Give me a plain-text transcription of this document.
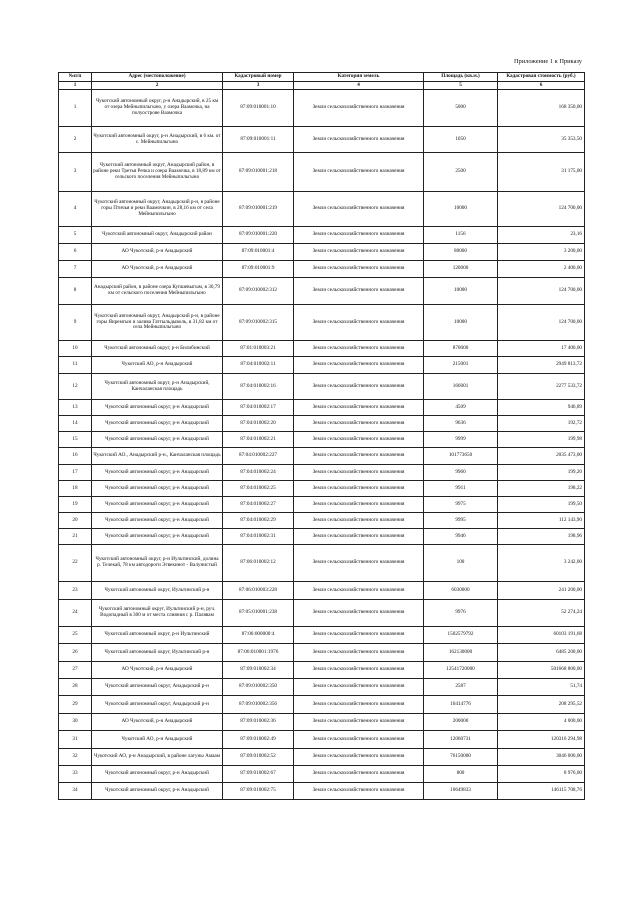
Приложение 1 к Приказу
№п/п	Адрес (местоположение)	Кадастровый номер	Категория земель	Площадь (кв.м.)	Кадастровая стоимость (руб.)
1	2	3	4	5	6
1	Чукотский автономный округ, р-н Анадырский, в 25 км от озера Мейныпильгыно, у озера Ваамочка, на полуострове Ваамочка	87:09:010001:10	Земли сельскохозяйственного назначения	5000	168 350,00
2	Чукотский автономный округ, р-н Анадырский, в 6 км. от с. Мейныпильгыно	87:09:010001:11	Земли сельскохозяйственного назначения	1050	35 353,50
3	Чукотский автономный округ, Анадырский район, в районе реки Третья Речка и озера Ваамочка, в 18,89 км от сельского поселения Мейныпильгыно	87:09:010001:218	Земли сельскохозяйственного назначения	2500	31 175,00
4	Чукотский автономный округ, Анадырский р-н, в районе горы Птичья и реки Ваамочкин, в 28,16 км от села Мейныпильгыно	87:09:010001:219	Земли сельскохозяйственного назначения	10000	124 700,00
5	Чукотский автономный округ, Анадырский район	87:09:010001:220	Земли сельскохозяйственного назначения	1156	23,16
6	АО Чукотский, р-н Анадырский	87:09:010001:4	Земли сельскохозяйственного назначения	80000	3 200,00
7	АО Чукотский, р-н Анадырский	87:09:010001:9	Земли сельскохозяйственного назначения	120000	2 400,00
8	Анадырский район, в районе озера Купшевыгым, в 30,79 км от сельского поселения Мейныпильгыно	87:09:010002:312	Земли сельскохозяйственного назначения	10000	124 700,00
9	Чукотский автономный округ, Анадырский р-н, в районе горы Яиремгын и залива Гатгыльдыволь, в 31,82 км от села Мейныпильгыно	87:09:010002:315	Земли сельскохозяйственного назначения	10000	124 700,00
10	Чукотский автономный округ, р-н Билибинский	87:01:010003:21	Земли сельскохозяйственного назначения	870000	17 400,00
11	Чукотский АО, р-н Анадырский	87:04:010002:11	Земли сельскохозяйственного назначения	215001	2949 813,72
12	Чукотский автономный округ, р-н Анадырский, Канчаланская площадь	87:04:010002:16	Земли сельскохозяйственного назначения	166001	2277 533,72
13	Чукотский автономный округ, р-н Анадырский	87:04:010002:17	Земли сельскохозяйственного назначения	4509	946,89
14	Чукотский автономный округ, р-н Анадырский	87:04:010002:20	Земли сельскохозяйственного назначения	9636	192,72
15	Чукотский автономный округ, р-н Анадырский	87:04:010002:21	Земли сельскохозяйственного назначения	9999	199,98
16	Чукотский АО., Анадырский р-н., Канчаланская площадь	87:04:010002:227	Земли сельскохозяйственного назначения	101773650	2035 473,00
17	Чукотский автономный округ, р-н Анадырский	87:04:010002:24	Земли сельскохозяйственного назначения	9960	199,20
18	Чукотский автономный округ, р-н Анадырский	87:04:010002:25	Земли сельскохозяйственного назначения	9911	198,22
19	Чукотский автономный округ, р-н Анадырский	87:04:010002:27	Земли сельскохозяйственного назначения	9975	199,50
20	Чукотский автономный округ, р-н Анадырский	87:04:010002:29	Земли сельскохозяйственного назначения	9995	112 143,90
21	Чукотский автономный округ, р-н Анадырский	87:04:010002:31	Земли сельскохозяйственного назначения	9946	198,96
22	Чукотский автономный округ, р-н Иультинский, долина р. Телекай, 78 км автодороги Эгвекинот - Валунистый	87:06:010002:12	Земли сельскохозяйственного назначения	100	3 242,00
23	Чукотский автономный округ, Иультинский р-н	87:06:010003:228	Земли сельскохозяйственного назначения	6030000	241 200,00
24	Чукотский автономный округ, Иультинский р-н, руч. Водопадный в 300 м от места слияния с р. Палявам	87:05:010001:238	Земли сельскохозяйственного назначения	9976	52 274,24
25	Чукотский автономный округ, р-н Иультинский	87:06:000000:4	Земли сельскохозяйственного назначения	1502579792	60103 191,68
26	Чукотский автономный округ, Иультинский р-н	87:06:010001:1976	Земли сельскохозяйственного назначения	162130000	6485 200,00
27	АО Чукотский, р-н Анадырский	87:09:010002:34	Земли сельскохозяйственного назначения	12541720000	501668 800,00
28	Чукотский автономный округ, Анадырский р-н	87:09:010002:350	Земли сельскохозяйственного назначения	2587	51,74
29	Чукотский автономный округ, Анадырский р-н	87:09:010002:356	Земли сельскохозяйственного назначения	10414776	208 295,52
30	АО Чукотский, р-н Анадырский	87:09:010002:36	Земли сельскохозяйственного назначения	200000	4 000,00
31	Чукотский АО, р-н Анадырский	87:09:010002:49	Земли сельскохозяйственного назначения	12060731	120316 294,98
32	Чукотский АО, р-н Анадырский, в районе лагуны Амаам	87:09:010002:52	Земли сельскохозяйственного назначения	76150000	3046 000,00
33	Чукотский автономный округ, р-н Анадырский	87:09:010002:67	Земли сельскохозяйственного назначения	800	8 976,00
34	Чукотский автономный округ, р-н Анадырский	87:09:010002:75	Земли сельскохозяйственного назначения	10649833	146115 708,76
